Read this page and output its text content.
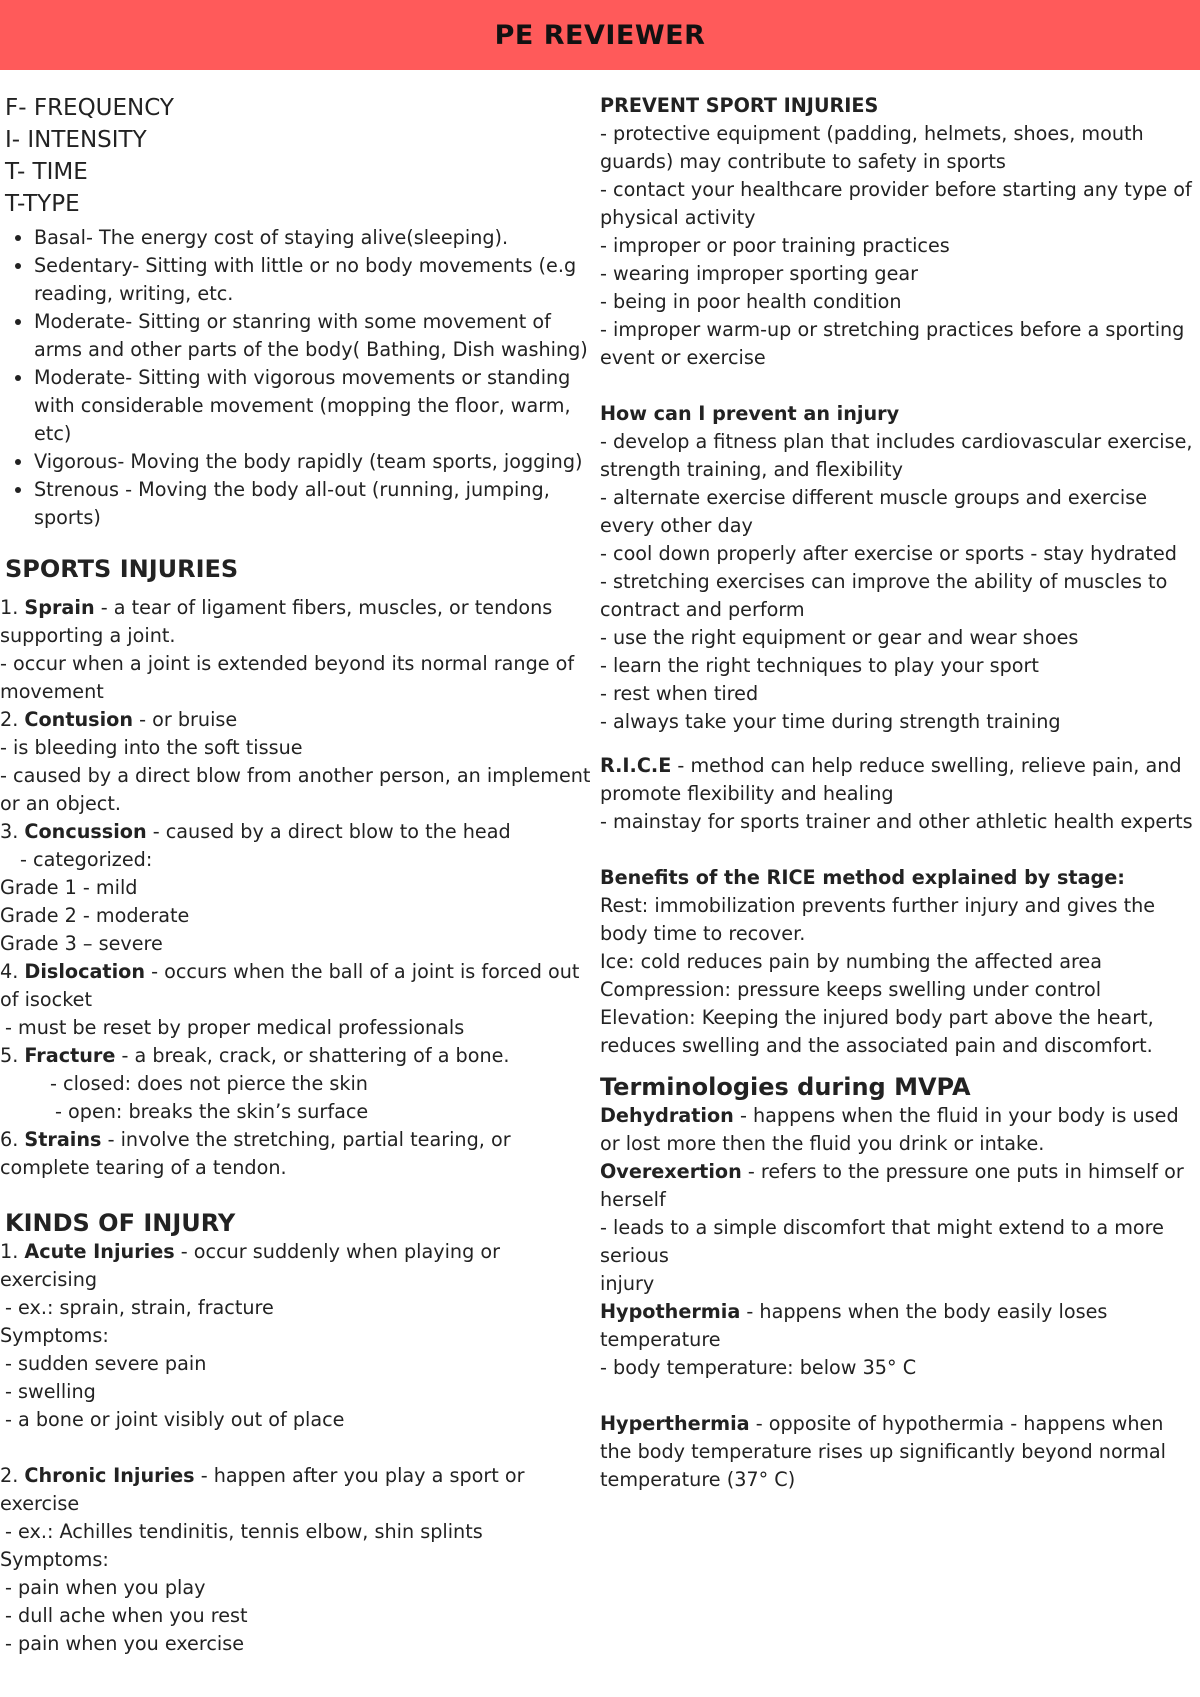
PE REVIEWER
F- FREQUENCY
I- INTENSITY
T- TIME
T-TYPE
• Basal- The energy cost of staying alive(sleeping).
• Sedentary- Sitting with little or no body movements (e.g reading, writing, etc.
• Moderate- Sitting or stanring with some movement of arms and other parts of the body( Bathing, Dish washing)
• Moderate- Sitting with vigorous movements or standing with considerable movement (mopping the floor, warm, etc)
• Vigorous- Moving the body rapidly (team sports, jogging)
• Strenous - Moving the body all-out (running, jumping, sports)
SPORTS INJURIES
1. Sprain - a tear of ligament fibers, muscles, or tendons supporting a joint.
- occur when a joint is extended beyond its normal range of movement
2. Contusion - or bruise
- is bleeding into the soft tissue
- caused by a direct blow from another person, an implement or an object.
3. Concussion - caused by a direct blow to the head
- categorized:
Grade 1 - mild
Grade 2 - moderate
Grade 3 – severe
4. Dislocation - occurs when the ball of a joint is forced out of isocket
- must be reset by proper medical professionals
5. Fracture - a break, crack, or shattering of a bone.
- closed: does not pierce the skin
- open: breaks the skin’s surface
6. Strains - involve the stretching, partial tearing, or complete tearing of a tendon.
KINDS OF INJURY
1. Acute Injuries - occur suddenly when playing or exercising
- ex.: sprain, strain, fracture
Symptoms:
- sudden severe pain
- swelling
- a bone or joint visibly out of place
2. Chronic Injuries - happen after you play a sport or exercise
- ex.: Achilles tendinitis, tennis elbow, shin splints
Symptoms:
- pain when you play
- dull ache when you rest
- pain when you exercise
PREVENT SPORT INJURIES
- protective equipment (padding, helmets, shoes, mouth guards) may contribute to safety in sports
- contact your healthcare provider before starting any type of physical activity
- improper or poor training practices
- wearing improper sporting gear
- being in poor health condition
- improper warm-up or stretching practices before a sporting event or exercise
How can I prevent an injury
- develop a fitness plan that includes cardiovascular exercise, strength training, and flexibility
- alternate exercise different muscle groups and exercise every other day
- cool down properly after exercise or sports - stay hydrated
- stretching exercises can improve the ability of muscles to contract and perform
- use the right equipment or gear and wear shoes
- learn the right techniques to play your sport
- rest when tired
- always take your time during strength training
R.I.C.E - method can help reduce swelling, relieve pain, and promote flexibility and healing
- mainstay for sports trainer and other athletic health experts
Benefits of the RICE method explained by stage:
Rest: immobilization prevents further injury and gives the body time to recover.
Ice: cold reduces pain by numbing the affected area
Compression: pressure keeps swelling under control
Elevation: Keeping the injured body part above the heart, reduces swelling and the associated pain and discomfort.
Terminologies during MVPA
Dehydration - happens when the fluid in your body is used or lost more then the fluid you drink or intake.
Overexertion - refers to the pressure one puts in himself or herself
- leads to a simple discomfort that might extend to a more serious
injury
Hypothermia - happens when the body easily loses temperature
- body temperature: below 35° C
Hyperthermia - opposite of hypothermia - happens when the body temperature rises up significantly beyond normal temperature (37° C)
